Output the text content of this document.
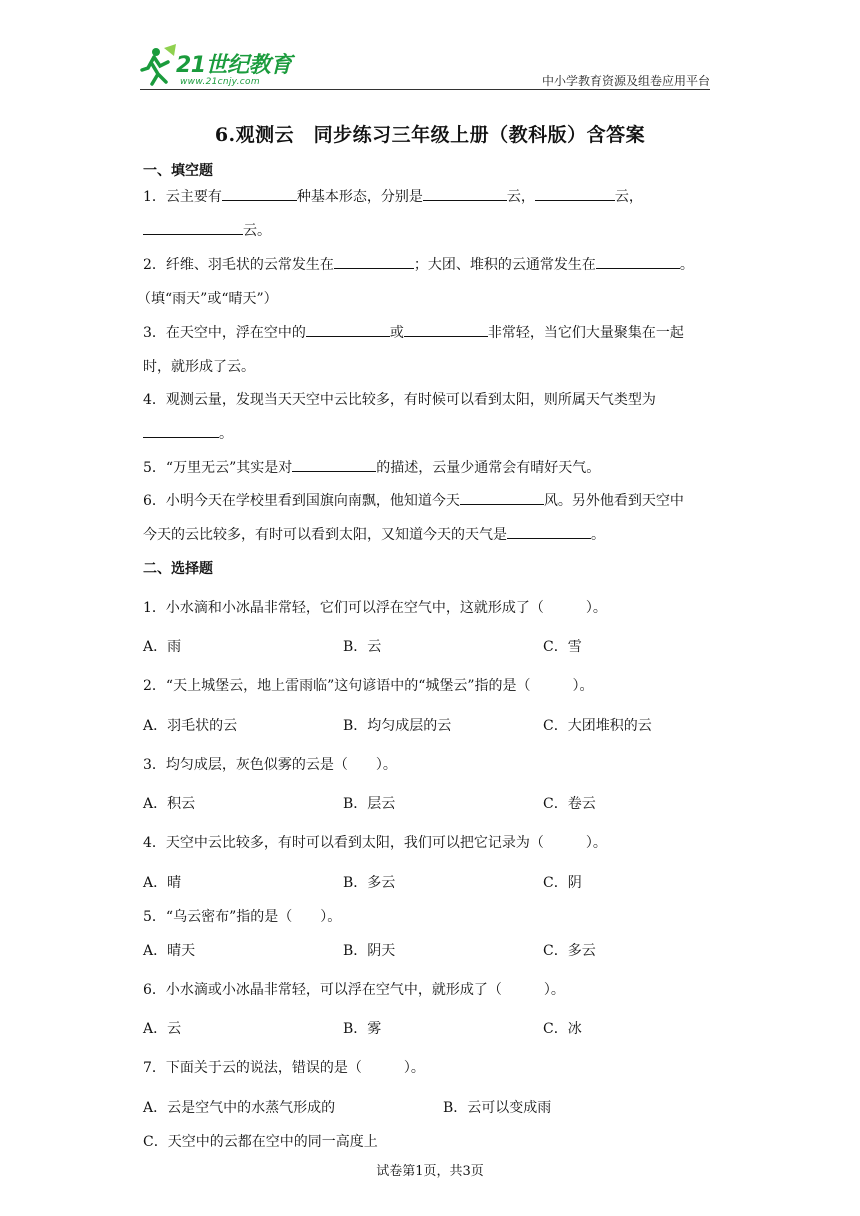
21世纪教育
www.21cnjy.com	中小学教育资源及组卷应用平台
6.观测云　同步练习三年级上册（教科版）含答案
一、填空题
1．云主要有	种基本形态，分别是	云，	云，
云。
2．纤维、羽毛状的云常发生在	；大团、堆积的云通常发生在	。
（填“雨天”或“晴天”）
3．在天空中，浮在空中的	或	非常轻，当它们大量聚集在一起
时，就形成了云。
4．观测云量，发现当天天空中云比较多，有时候可以看到太阳，则所属天气类型为
。
5．“万里无云”其实是对	的描述，云量少通常会有晴好天气。
6．小明今天在学校里看到国旗向南飘，他知道今天	风。另外他看到天空中
今天的云比较多，有时可以看到太阳，又知道今天的天气是	。
二、选择题
1．小水滴和小冰晶非常轻，它们可以浮在空气中，这就形成了（　　　）。
A．雨	B．云	C．雪
2．“天上城堡云，地上雷雨临”这句谚语中的“城堡云”指的是（　　　）。
A．羽毛状的云	B．均匀成层的云	C．大团堆积的云
3．均匀成层，灰色似雾的云是（　　）。
A．积云	B．层云	C．卷云
4．天空中云比较多，有时可以看到太阳，我们可以把它记录为（　　　）。
A．晴	B．多云	C．阴
5．“乌云密布”指的是（　　）。
A．晴天	B．阴天	C．多云
6．小水滴或小冰晶非常轻，可以浮在空气中，就形成了（　　　）。
A．云	B．雾	C．冰
7．下面关于云的说法，错误的是（　　　）。
A．云是空气中的水蒸气形成的	B．云可以变成雨
C．天空中的云都在空中的同一高度上
试卷第1页，共3页
